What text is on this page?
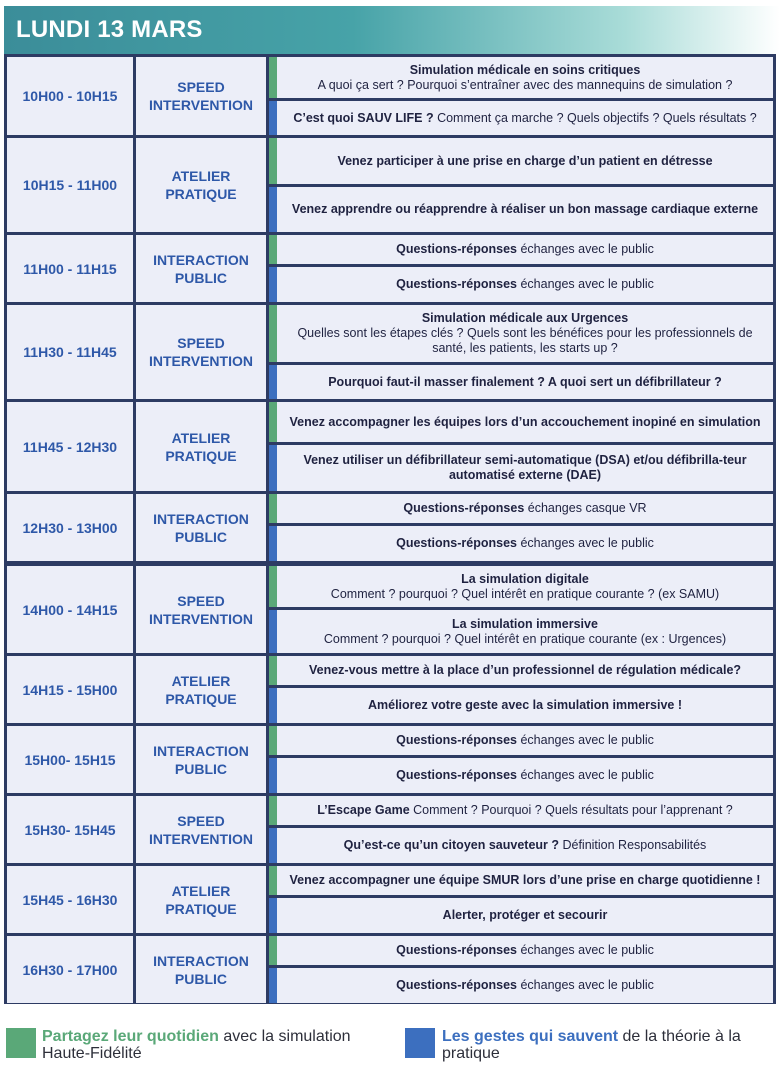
LUNDI 13 MARS
10H00 - 10H15
SPEED
INTERVENTION
Simulation médicale en soins critiques
A quoi ça sert ? Pourquoi s’entraîner avec des mannequins de simulation ?
C’est quoi SAUV LIFE ? Comment ça marche ? Quels objectifs ? Quels résultats ?
10H15 - 11H00
ATELIER
PRATIQUE
Venez participer à une prise en charge d’un patient en détresse
Venez apprendre ou réapprendre à réaliser un bon massage cardiaque externe
11H00 - 11H15
INTERACTION
PUBLIC
Questions-réponses échanges avec le public
Questions-réponses échanges avec le public
11H30 - 11H45
SPEED
INTERVENTION
Simulation médicale aux Urgences
Quelles sont les étapes clés ? Quels sont les bénéfices pour les professionnels de santé, les patients, les starts up ?
Pourquoi faut-il masser finalement ? A quoi sert un défibrillateur ?
11H45 - 12H30
ATELIER
PRATIQUE
Venez accompagner les équipes lors d’un accouchement inopiné en simulation
Venez utiliser un défibrillateur semi-automatique (DSA) et/ou défibrilla-teur automatisé externe (DAE)
12H30 - 13H00
INTERACTION
PUBLIC
Questions-réponses échanges casque VR
Questions-réponses échanges avec le public
14H00 - 14H15
SPEED
INTERVENTION
La simulation digitale
Comment ? pourquoi ? Quel intérêt en pratique courante ? (ex SAMU)
La simulation immersive
Comment ? pourquoi ? Quel intérêt en pratique courante (ex : Urgences)
14H15 - 15H00
ATELIER
PRATIQUE
Venez-vous mettre à la place d’un professionnel de régulation médicale?
Améliorez votre geste avec la simulation immersive !
15H00- 15H15
INTERACTION
PUBLIC
Questions-réponses échanges avec le public
Questions-réponses échanges avec le public
15H30- 15H45
SPEED
INTERVENTION
L’Escape Game Comment ? Pourquoi ? Quels résultats pour l’apprenant ?
Qu’est-ce qu’un citoyen sauveteur ? Définition Responsabilités
15H45 - 16H30
ATELIER
PRATIQUE
Venez accompagner une équipe SMUR lors d’une prise en charge quotidienne !
Alerter, protéger et secourir
16H30 - 17H00
INTERACTION
PUBLIC
Questions-réponses échanges avec le public
Questions-réponses échanges avec le public
Partagez leur quotidien avec la simulation Haute-Fidélité
Les gestes qui sauvent de la théorie à la pratique
